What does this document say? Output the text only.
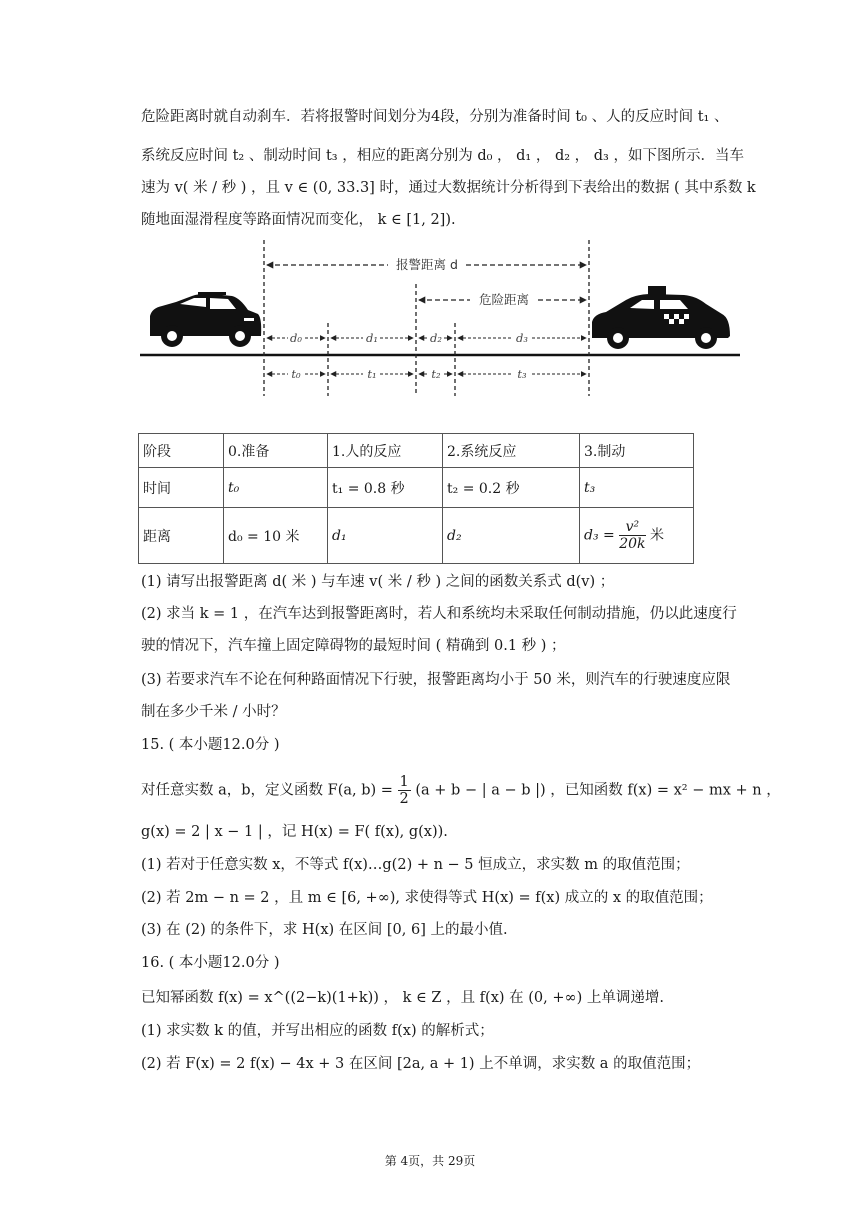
危险距离时就自动刹车．若将报警时间划分为4段，分别为准备时间 t₀ 、人的反应时间 t₁ 、
系统反应时间 t₂ 、制动时间 t₃ ，相应的距离分别为 d₀ ， d₁ ， d₂ ， d₃ ，如下图所示．当车
速为 v( 米 / 秒 ) ，且 v ∈ (0, 33.3] 时，通过大数据统计分析得到下表给出的数据 ( 其中系数 k
随地面湿滑程度等路面情况而变化， k ∈ [1, 2]).
报警距离 d
危险距离
d₀	d₁	d₂	d₃
t₀	t₁	t₂	t₃
阶段	0.准备	1.人的反应	2.系统反应	3.制动
时间	t₀	t₁ = 0.8 秒	t₂ = 0.2 秒	t₃
距离	d₀ = 10 米	d₁	d₂	$d_3 = \frac{\text{v²}}{20k}$ 米
(1) 请写出报警距离 d( 米 ) 与车速 v( 米 / 秒 ) 之间的函数关系式 d(v) ；
(2) 求当 k = 1 ，在汽车达到报警距离时，若人和系统均未采取任何制动措施，仍以此速度行
驶的情况下，汽车撞上固定障碍物的最短时间 ( 精确到 0.1 秒 ) ；
(3) 若要求汽车不论在何种路面情况下行驶，报警距离均小于 50 米，则汽车的行驶速度应限
制在多少千米 / 小时？
15. ( 本小题12.0分 )
对任意实数 a，b，定义函数 F(a, $b) = \frac{1}{2} (a + b$ − | a − b |) ，已知函数 f(x) = x² − mx + n ，
g(x) = 2 | x − 1 | ，记 H(x) = F( f(x), g(x)).
(1) 若对于任意实数 x，不等式 f(x)…g(2) + n − 5 恒成立，求实数 m 的取值范围；
(2) 若 2m − n = 2 ，且 m ∈ [6, +∞), 求使得等式 H(x) = f(x) 成立的 x 的取值范围；
(3) 在 (2) 的条件下，求 H(x) 在区间 [0, 6] 上的最小值.
16. ( 本小题12.0分 )
已知幂函数 f(x) = x^((2−k)(1+k)) ， k ∈ Z ，且 f(x) 在 (0, +∞) 上单调递增.
(1) 求实数 k 的值，并写出相应的函数 f(x) 的解析式；
(2) 若 F(x) = 2 f(x) − 4x + 3 在区间 [2a, a + 1) 上不单调，求实数 a 的取值范围；
第 4页，共 29页
